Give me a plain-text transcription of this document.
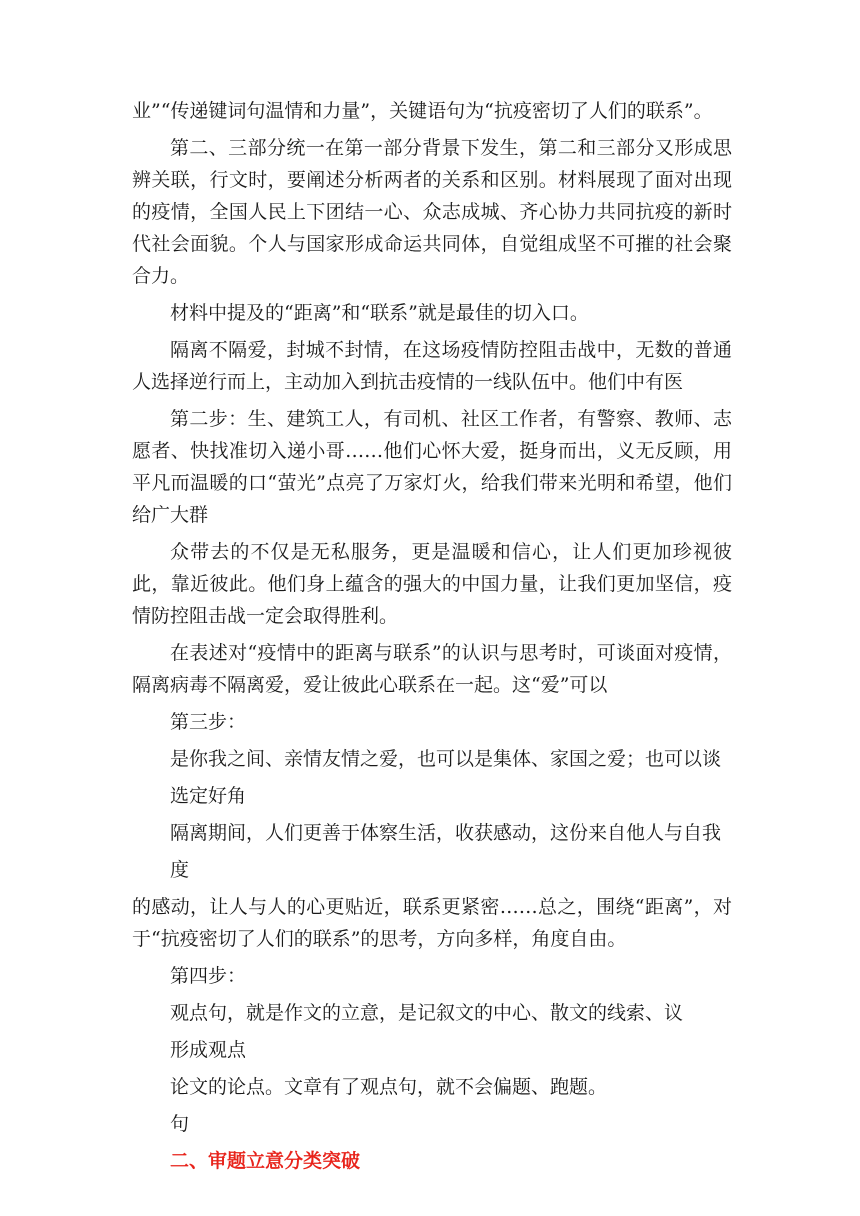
业”“传递键词句温情和力量”，关键语句为“抗疫密切了人们的联系”。

第二、三部分统一在第一部分背景下发生，第二和三部分又形成思辨关联，行文时，要阐述分析两者的关系和区别。材料展现了面对出现的疫情，全国人民上下团结一心、众志成城、齐心协力共同抗疫的新时代社会面貌。个人与国家形成命运共同体，自觉组成坚不可摧的社会聚合力。

材料中提及的“距离”和“联系”就是最佳的切入口。

隔离不隔爱，封城不封情，在这场疫情防控阻击战中，无数的普通人选择逆行而上，主动加入到抗击疫情的一线队伍中。他们中有医

第二步：生、建筑工人，有司机、社区工作者，有警察、教师、志愿者、快找准切入递小哥……他们心怀大爱，挺身而出，义无反顾，用平凡而温暖的口“萤光”点亮了万家灯火，给我们带来光明和希望，他们给广大群

众带去的不仅是无私服务，更是温暖和信心，让人们更加珍视彼此，靠近彼此。他们身上蕴含的强大的中国力量，让我们更加坚信，疫情防控阻击战一定会取得胜利。

在表述对“疫情中的距离与联系”的认识与思考时，可谈面对疫情，隔离病毒不隔离爱，爱让彼此心联系在一起。这“爱”可以

第三步：

是你我之间、亲情友情之爱，也可以是集体、家国之爱；也可以谈

选定好角

隔离期间，人们更善于体察生活，收获感动，这份来自他人与自我

度

的感动，让人与人的心更贴近，联系更紧密……总之，围绕“距离”，对于“抗疫密切了人们的联系”的思考，方向多样，角度自由。

第四步：

观点句，就是作文的立意，是记叙文的中心、散文的线索、议

形成观点

论文的论点。文章有了观点句，就不会偏题、跑题。

句

二、审题立意分类突破
